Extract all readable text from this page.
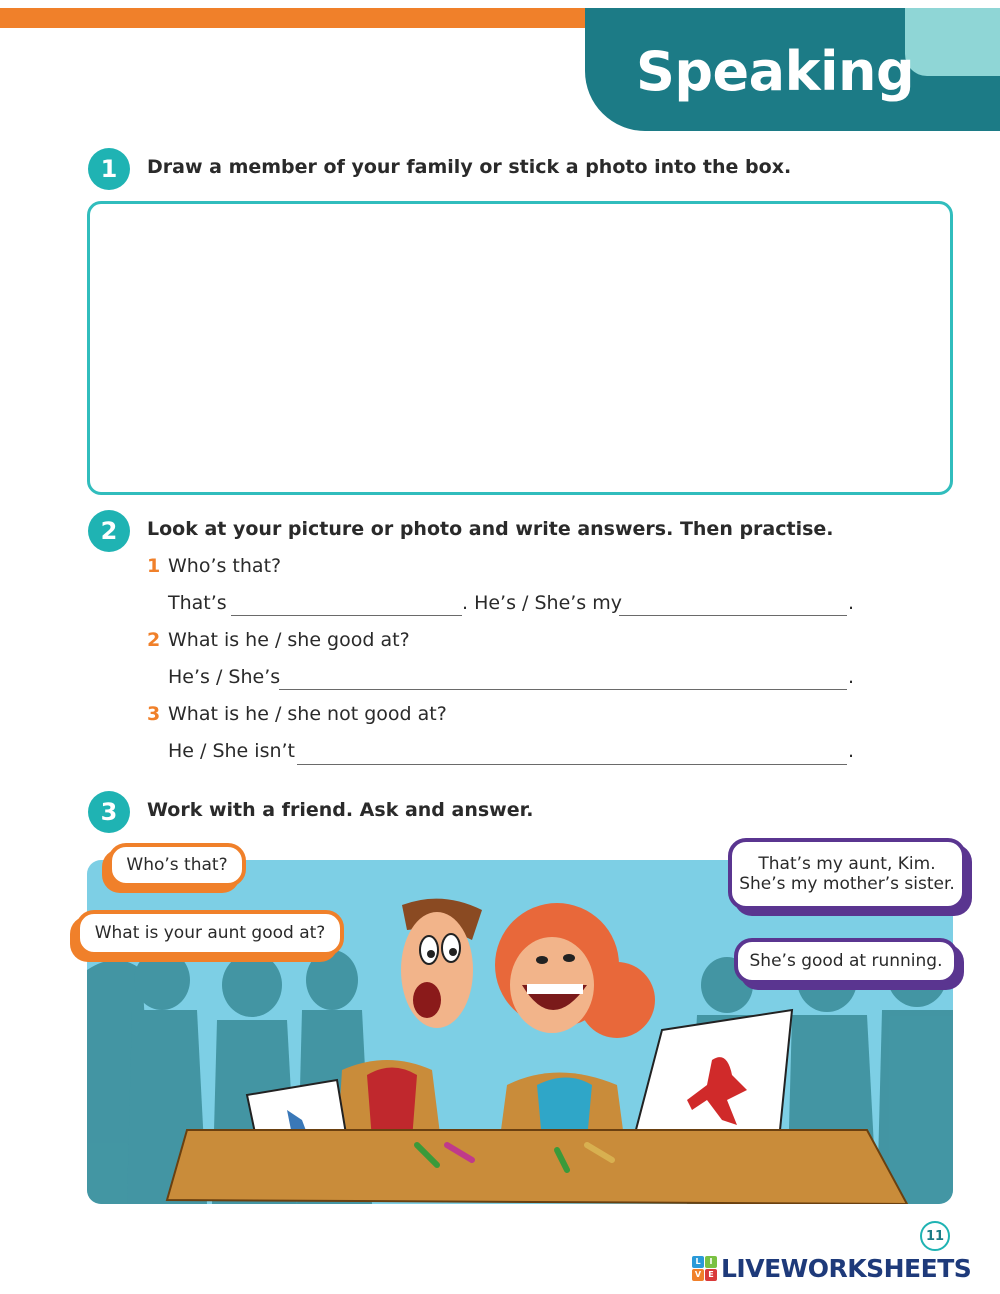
Speaking
1	Draw a member of your family or stick a photo into the box.
2	Look at your picture or photo and write answers. Then practise.
1 Who’s that?
That’s	. He’s / She’s my	.
2 What is he / she good at?
He’s / She’s	.
3 What is he / she not good at?
He / She isn’t	.
3	Work with a friend. Ask and answer.
Who’s that?
What is your aunt good at?
That’s my aunt, Kim.
She’s my mother’s sister.
She’s good at running.
11
L	I
V E LIVEWORKSHEETS
